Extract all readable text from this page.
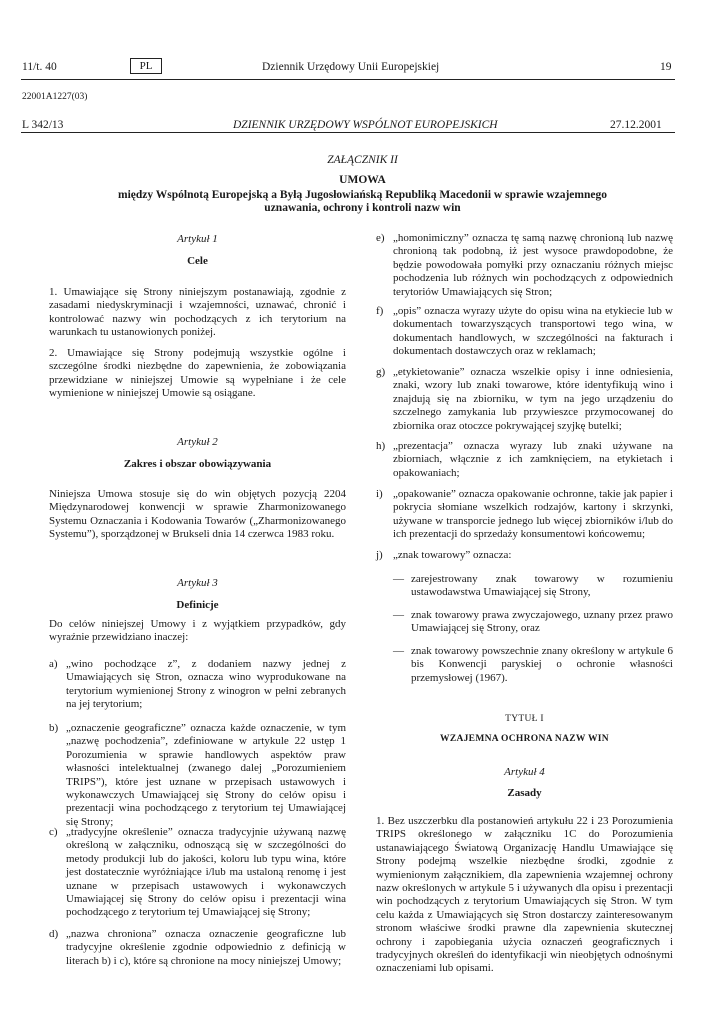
11/t. 40	PL	Dziennik Urzędowy Unii Europejskiej	19
22001A1227(03)
L 342/13	DZIENNIK URZĘDOWY WSPÓLNOT EUROPEJSKICH	27.12.2001
ZAŁĄCZNIK II
UMOWA
między Wspólnotą Europejską a Byłą Jugosłowiańską Republiką Macedonii w sprawie wzajemnego
uznawania, ochrony i kontroli nazw win
Artykuł 1
Cele

1. Umawiające się Strony niniejszym postanawiają, zgodnie z zasadami niedyskryminacji i wzajemności, uznawać, chronić i kontrolować nazwy win pochodzących z ich terytorium na warunkach tu ustanowionych poniżej.

2. Umawiające się Strony podejmują wszystkie ogólne i szczególne środki niezbędne do zapewnienia, że zobowiązania przewidziane w niniejszej Umowie są wypełniane i że cele wymienione w niniejszej Umowie są osiągane.

Artykuł 2
Zakres i obszar obowiązywania

Niniejsza Umowa stosuje się do win objętych pozycją 2204 Międzynarodowej konwencji w sprawie Zharmonizowanego Systemu Oznaczania i Kodowania Towarów („Zharmonizowanego Systemu”), sporządzonej w Brukseli dnia 14 czerwca 1983 roku.

Artykuł 3
Definicje

Do celów niniejszej Umowy i z wyjątkiem przypadków, gdy wyraźnie przewidziano inaczej:

a) „wino pochodzące z”, z dodaniem nazwy jednej z Umawiających się Stron, oznacza wino wyprodukowane na terytorium wymienionej Strony z winogron w pełni zebranych na jej terytorium;

b) „oznaczenie geograficzne” oznacza każde oznaczenie, w tym „nazwę pochodzenia”, zdefiniowane w artykule 22 ustęp 1 Porozumienia w sprawie handlowych aspektów praw własności intelektualnej (zwanego dalej „Porozumieniem TRIPS”), które jest uznane w przepisach ustawowych i wykonawczych Umawiającej się Strony do celów opisu i prezentacji wina pochodzącego z terytorium tej Umawiającej się Strony;

c) „tradycyjne określenie” oznacza tradycyjnie używaną nazwę określoną w załączniku, odnoszącą się w szczególności do metody produkcji lub do jakości, koloru lub typu wina, które jest dostatecznie wyróżniające i/lub ma ustaloną renomę i jest uznane w przepisach ustawowych i wykonawczych Umawiającej się Strony do celów opisu i prezentacji wina pochodzącego z terytorium tej Umawiającej się Strony;

d) „nazwa chroniona” oznacza oznaczenie geograficzne lub tradycyjne określenie zgodnie odpowiednio z definicją w literach b) i c), które są chronione na mocy niniejszej Umowy;

e) „homonimiczny” oznacza tę samą nazwę chronioną lub nazwę chronioną tak podobną, iż jest wysoce prawdopodobne, że będzie powodowała pomyłki przy oznaczaniu różnych miejsc pochodzenia lub różnych win pochodzących z odpowiednich terytoriów Umawiających się Stron;

f) „opis” oznacza wyrazy użyte do opisu wina na etykiecie lub w dokumentach towarzyszących transportowi tego wina, w dokumentach handlowych, w szczególności na fakturach i dokumentach dostawczych oraz w reklamach;

g) „etykietowanie” oznacza wszelkie opisy i inne odniesienia, znaki, wzory lub znaki towarowe, które identyfikują wino i znajdują się na zbiorniku, w tym na jego urządzeniu do szczelnego zamykania lub przywieszce przymocowanej do zbiornika oraz otoczce pokrywającej szyjkę butelki;

h) „prezentacja” oznacza wyrazy lub znaki używane na zbiorniach, włącznie z ich zamknięciem, na etykietach i opakowaniach;

i) „opakowanie” oznacza opakowanie ochronne, takie jak papier i pokrycia słomiane wszelkich rodzajów, kartony i skrzynki, używane w transporcie jednego lub więcej zbiorników i/lub do ich prezentacji do sprzedaży konsumentowi końcowemu;

j) „znak towarowy” oznacza:

— zarejestrowany znak towarowy w rozumieniu ustawodawstwa Umawiającej się Strony,

— znak towarowy prawa zwyczajowego, uznany przez prawo Umawiającej się Strony, oraz

— znak towarowy powszechnie znany określony w artykule 6 bis Konwencji paryskiej o ochronie własności przemysłowej (1967).

TYTUŁ I
WZAJEMNA OCHRONA NAZW WIN
Artykuł 4
Zasady

1. Bez uszczerbku dla postanowień artykułu 22 i 23 Porozumienia TRIPS określonego w załączniku 1C do Porozumienia ustanawiającego Światową Organizację Handlu Umawiające się Strony podejmą wszelkie niezbędne środki, zgodnie z wymienionym załącznikiem, dla zapewnienia wzajemnej ochrony nazw określonych w artykule 5 i używanych dla opisu i prezentacji win pochodzących z terytorium Umawiających się Stron. W tym celu każda z Umawiających się Stron dostarczy zainteresowanym stronom właściwe środki prawne dla zapewnienia skutecznej ochrony i zapobiegania użycia oznaczeń geograficznych i tradycyjnych określeń do identyfikacji win nieobjętych odnośnymi oznaczeniami lub opisami.
